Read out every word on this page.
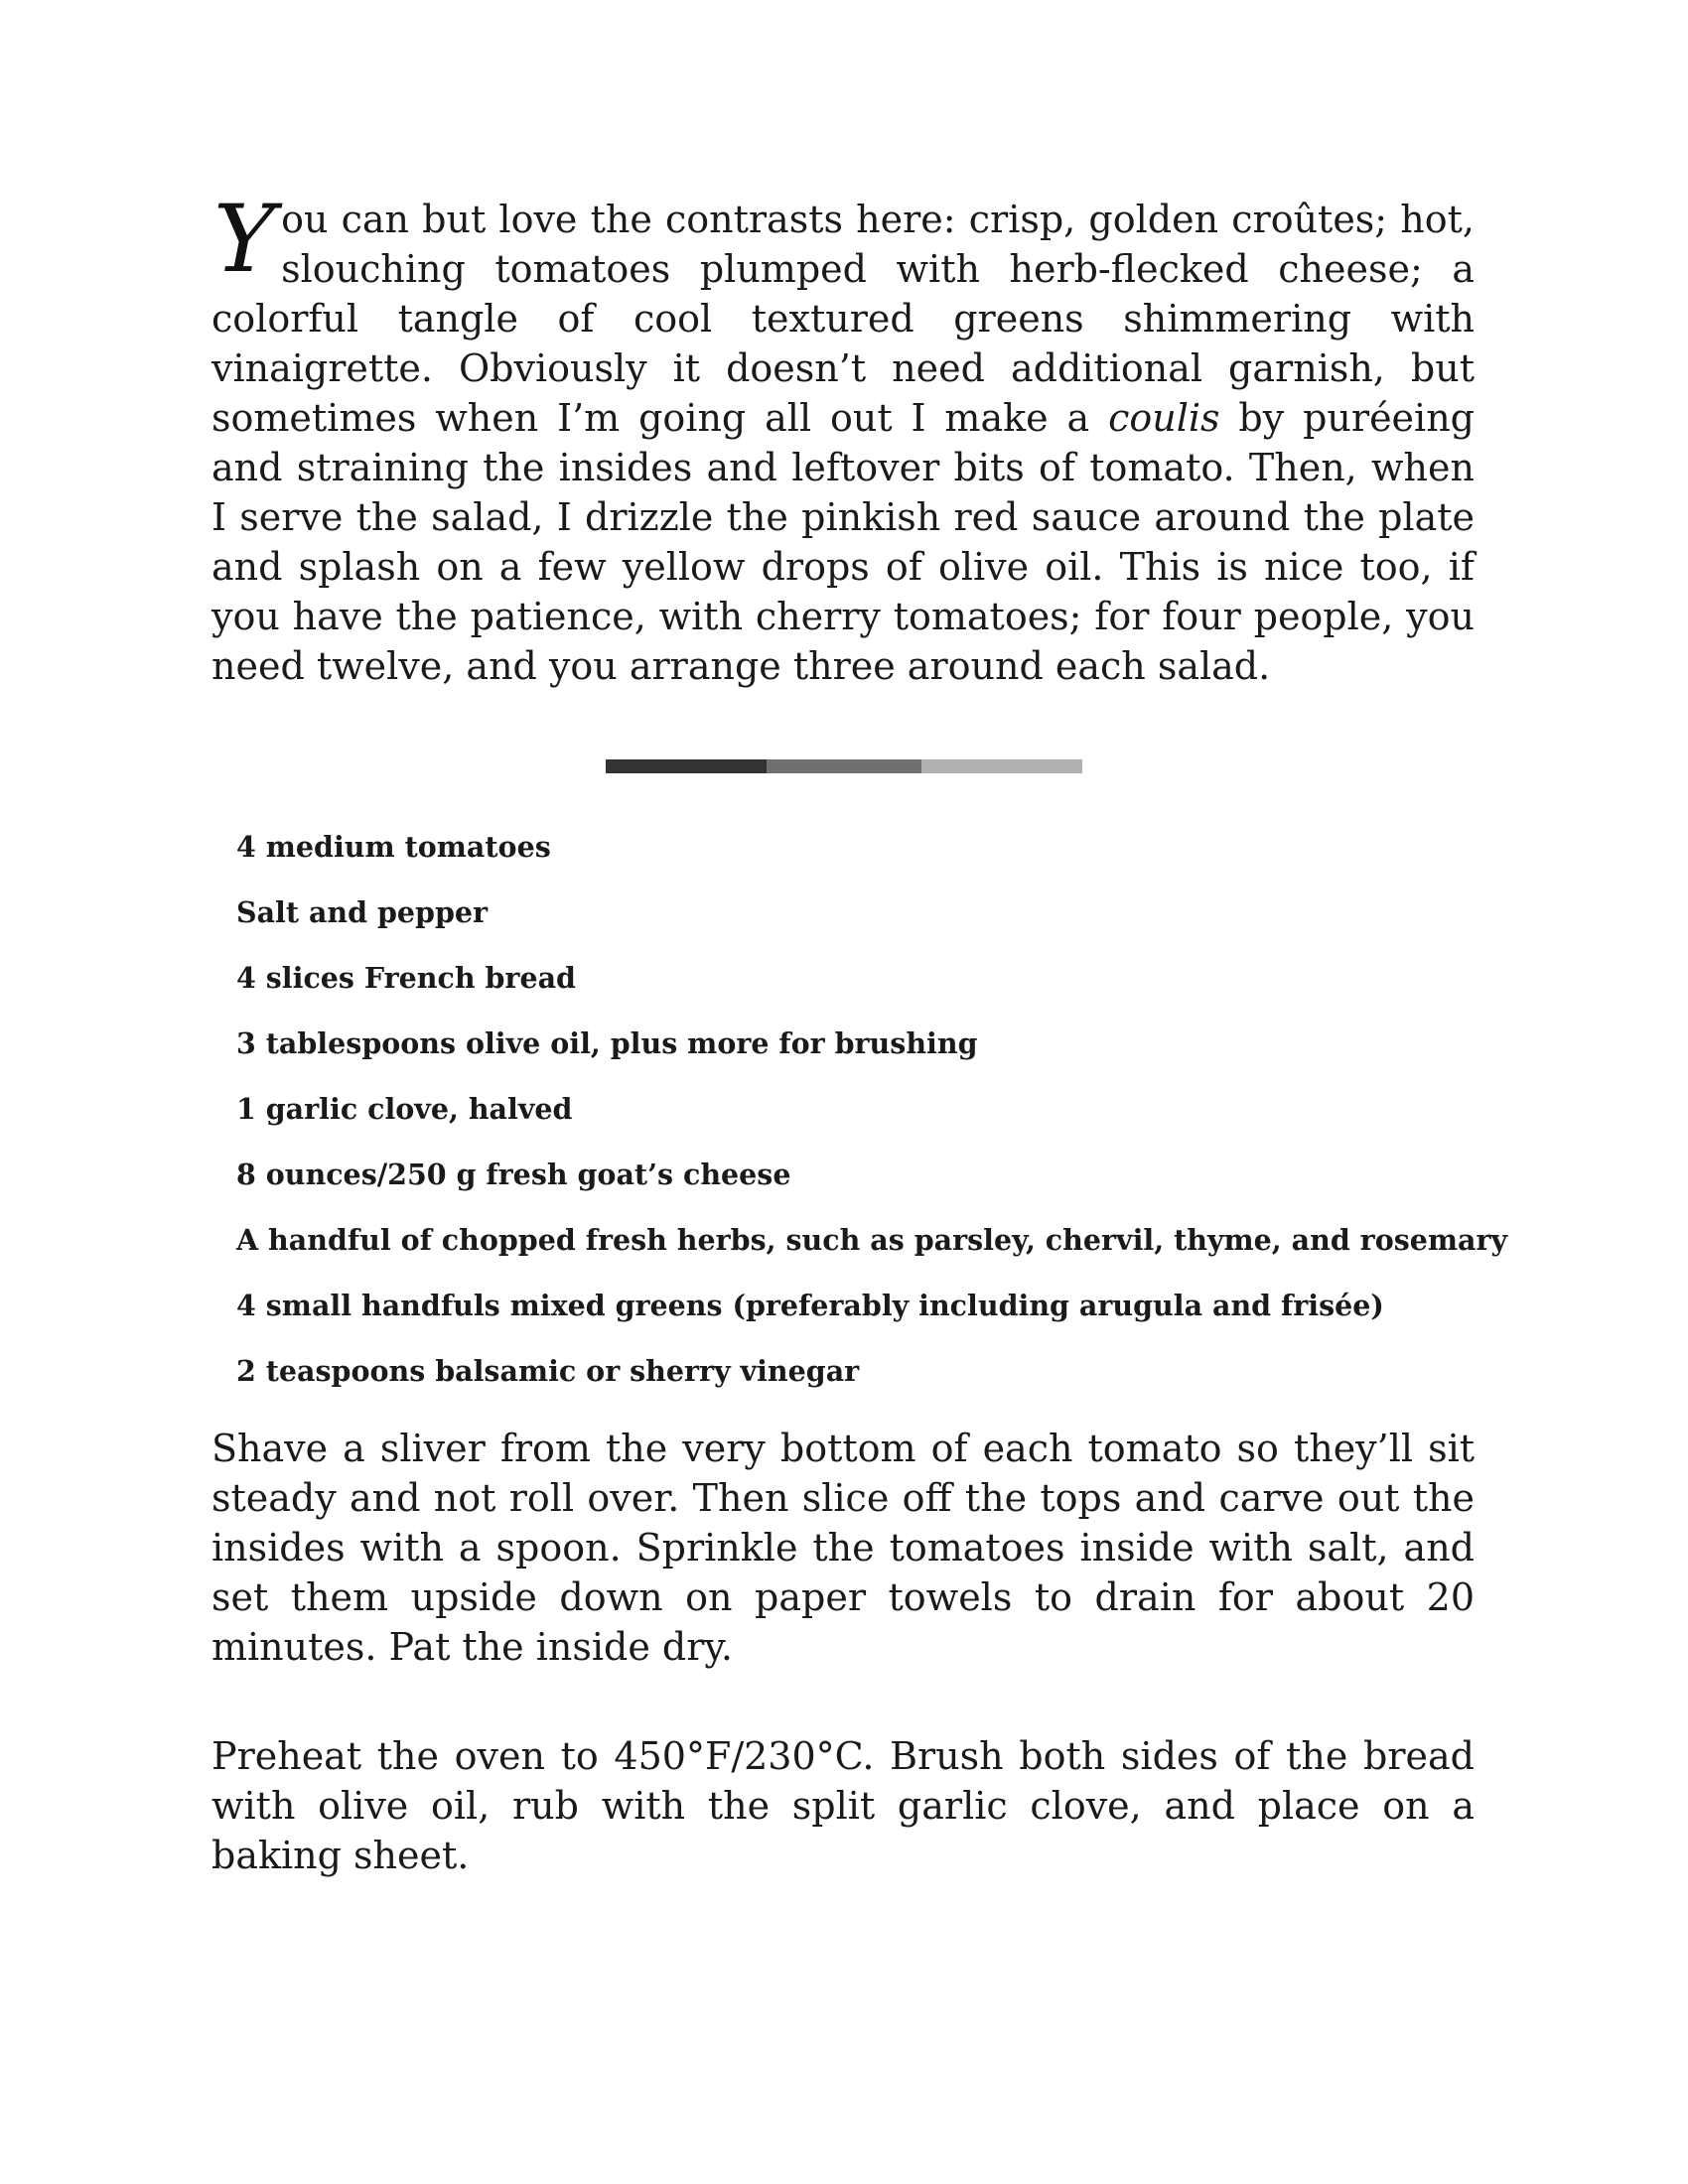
You can but love the contrasts here: crisp, golden croûtes; hot, slouching tomatoes plumped with herb-flecked cheese; a colorful tangle of cool textured greens shimmering with vinaigrette. Obviously it doesn’t need additional garnish, but sometimes when I’m going all out I make a coulis by puréeing and straining the insides and leftover bits of tomato. Then, when I serve the salad, I drizzle the pinkish red sauce around the plate and splash on a few yellow drops of olive oil. This is nice too, if you have the patience, with cherry tomatoes; for four people, you need twelve, and you arrange three around each salad.

4 medium tomatoes
Salt and pepper
4 slices French bread
3 tablespoons olive oil, plus more for brushing
1 garlic clove, halved
8 ounces/250 g fresh goat’s cheese
A handful of chopped fresh herbs, such as parsley, chervil, thyme, and rosemary
4 small handfuls mixed greens (preferably including arugula and frisée)
2 teaspoons balsamic or sherry vinegar

Shave a sliver from the very bottom of each tomato so they’ll sit steady and not roll over. Then slice off the tops and carve out the insides with a spoon. Sprinkle the tomatoes inside with salt, and set them upside down on paper towels to drain for about 20 minutes. Pat the inside dry.

Preheat the oven to 450°F/230°C. Brush both sides of the bread with olive oil, rub with the split garlic clove, and place on a baking sheet.
